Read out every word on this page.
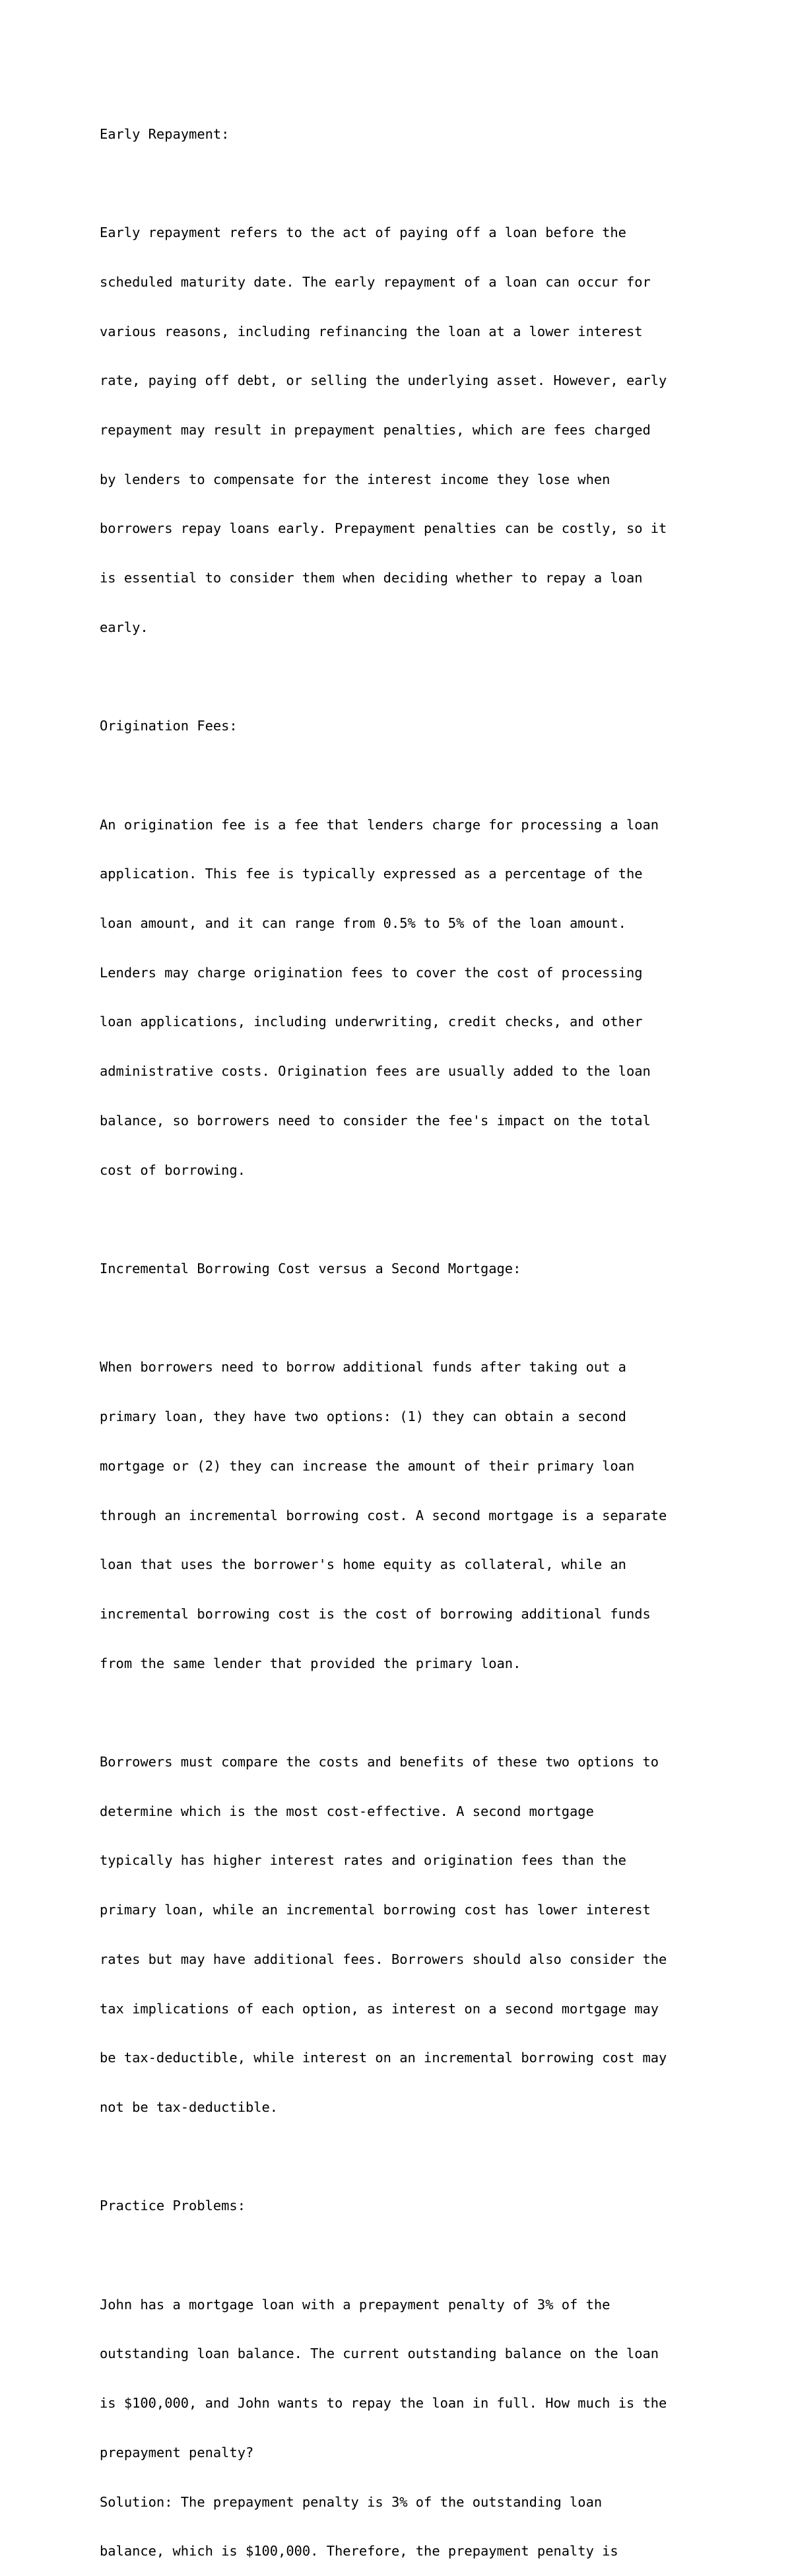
Early Repayment:

Early repayment refers to the act of paying off a loan before the

scheduled maturity date. The early repayment of a loan can occur for

various reasons, including refinancing the loan at a lower interest

rate, paying off debt, or selling the underlying asset. However, early

repayment may result in prepayment penalties, which are fees charged

by lenders to compensate for the interest income they lose when

borrowers repay loans early. Prepayment penalties can be costly, so it

is essential to consider them when deciding whether to repay a loan

early.

Origination Fees:

An origination fee is a fee that lenders charge for processing a loan

application. This fee is typically expressed as a percentage of the

loan amount, and it can range from 0.5% to 5% of the loan amount.

Lenders may charge origination fees to cover the cost of processing

loan applications, including underwriting, credit checks, and other

administrative costs. Origination fees are usually added to the loan

balance, so borrowers need to consider the fee's impact on the total

cost of borrowing.

Incremental Borrowing Cost versus a Second Mortgage:

When borrowers need to borrow additional funds after taking out a

primary loan, they have two options: (1) they can obtain a second

mortgage or (2) they can increase the amount of their primary loan

through an incremental borrowing cost. A second mortgage is a separate

loan that uses the borrower's home equity as collateral, while an

incremental borrowing cost is the cost of borrowing additional funds

from the same lender that provided the primary loan.

Borrowers must compare the costs and benefits of these two options to

determine which is the most cost-effective. A second mortgage

typically has higher interest rates and origination fees than the

primary loan, while an incremental borrowing cost has lower interest

rates but may have additional fees. Borrowers should also consider the

tax implications of each option, as interest on a second mortgage may

be tax-deductible, while interest on an incremental borrowing cost may

not be tax-deductible.

Practice Problems:

John has a mortgage loan with a prepayment penalty of 3% of the

outstanding loan balance. The current outstanding balance on the loan

is $100,000, and John wants to repay the loan in full. How much is the

prepayment penalty?

Solution: The prepayment penalty is 3% of the outstanding loan

balance, which is $100,000. Therefore, the prepayment penalty is
